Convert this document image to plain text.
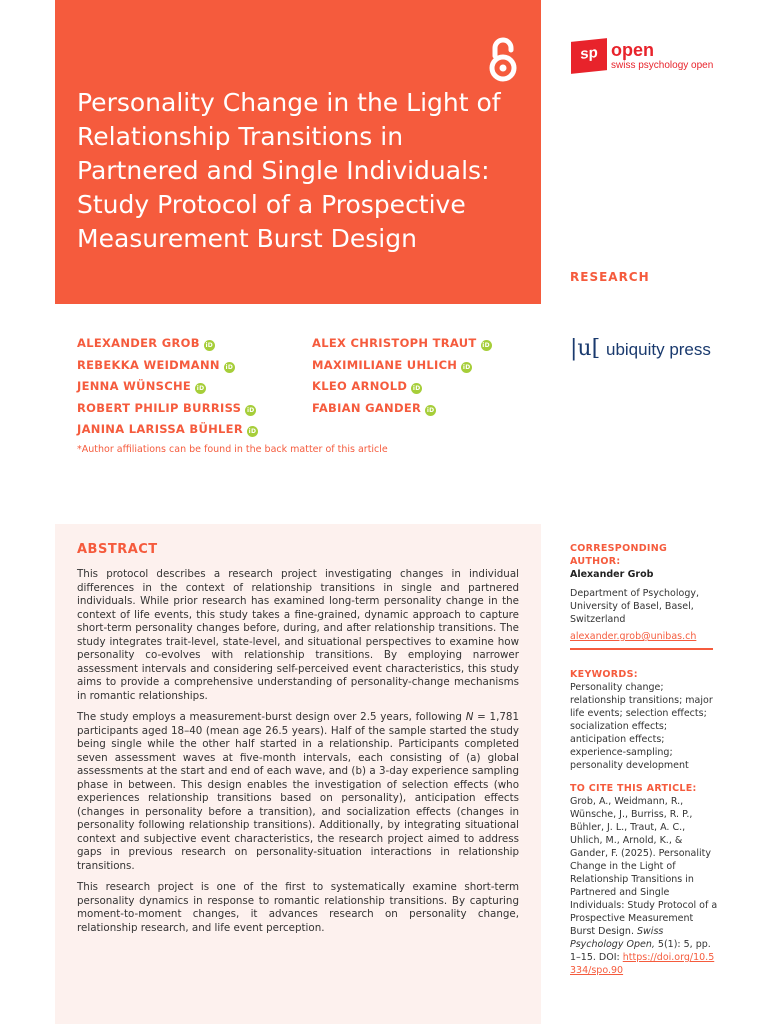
Personality Change in the Light of Relationship Transitions in Partnered and Single Individuals: Study Protocol of a Prospective Measurement Burst Design
sp open
swiss psychology open
RESEARCH
|u[ ubiquity press
ALEXANDER GROB iD
REBEKKA WEIDMANN iD
JENNA WÜNSCHE iD
ROBERT PHILIP BURRISS iD
JANINA LARISSA BÜHLER iD
ALEX CHRISTOPH TRAUT iD
MAXIMILIANE UHLICH iD
KLEO ARNOLD iD
FABIAN GANDER iD
*Author affiliations can be found in the back matter of this article
ABSTRACT

This protocol describes a research project investigating changes in individual differences in the context of relationship transitions in single and partnered individuals. While prior research has examined long-term personality change in the context of life events, this study takes a fine-grained, dynamic approach to capture short-term personality changes before, during, and after relationship transitions. The study integrates trait-level, state-level, and situational perspectives to examine how personality co-evolves with relationship transitions. By employing narrower assessment intervals and considering self-perceived event characteristics, this study aims to provide a comprehensive understanding of personality-change mechanisms in romantic relationships.

The study employs a measurement-burst design over 2.5 years, following N = 1,781 participants aged 18–40 (mean age 26.5 years). Half of the sample started the study being single while the other half started in a relationship. Participants completed seven assessment waves at five-month intervals, each consisting of (a) global assessments at the start and end of each wave, and (b) a 3-day experience sampling phase in between. This design enables the investigation of selection effects (who experiences relationship transitions based on personality), anticipation effects (changes in personality before a transition), and socialization effects (changes in personality following relationship transitions). Additionally, by integrating situational context and subjective event characteristics, the research project aimed to address gaps in previous research on personality-situation interactions in relationship transitions.

This research project is one of the first to systematically examine short-term personality dynamics in response to romantic relationship transitions. By capturing moment-to-moment changes, it advances research on personality change, relationship research, and life event perception.

CORRESPONDING AUTHOR:
Alexander Grob
Department of Psychology, University of Basel, Basel, Switzerland
alexander.grob@unibas.ch
KEYWORDS:
Personality change; relationship transitions; major life events; selection effects; socialization effects; anticipation effects; experience-sampling; personality development
TO CITE THIS ARTICLE:
Grob, A., Weidmann, R., Wünsche, J., Burriss, R. P., Bühler, J. L., Traut, A. C., Uhlich, M., Arnold, K., & Gander, F. (2025). Personality Change in the Light of Relationship Transitions in Partnered and Single Individuals: Study Protocol of a Prospective Measurement Burst Design. Swiss Psychology Open, 5(1): 5, pp. 1–15. DOI: https://doi.org/10.5334/spo.90
